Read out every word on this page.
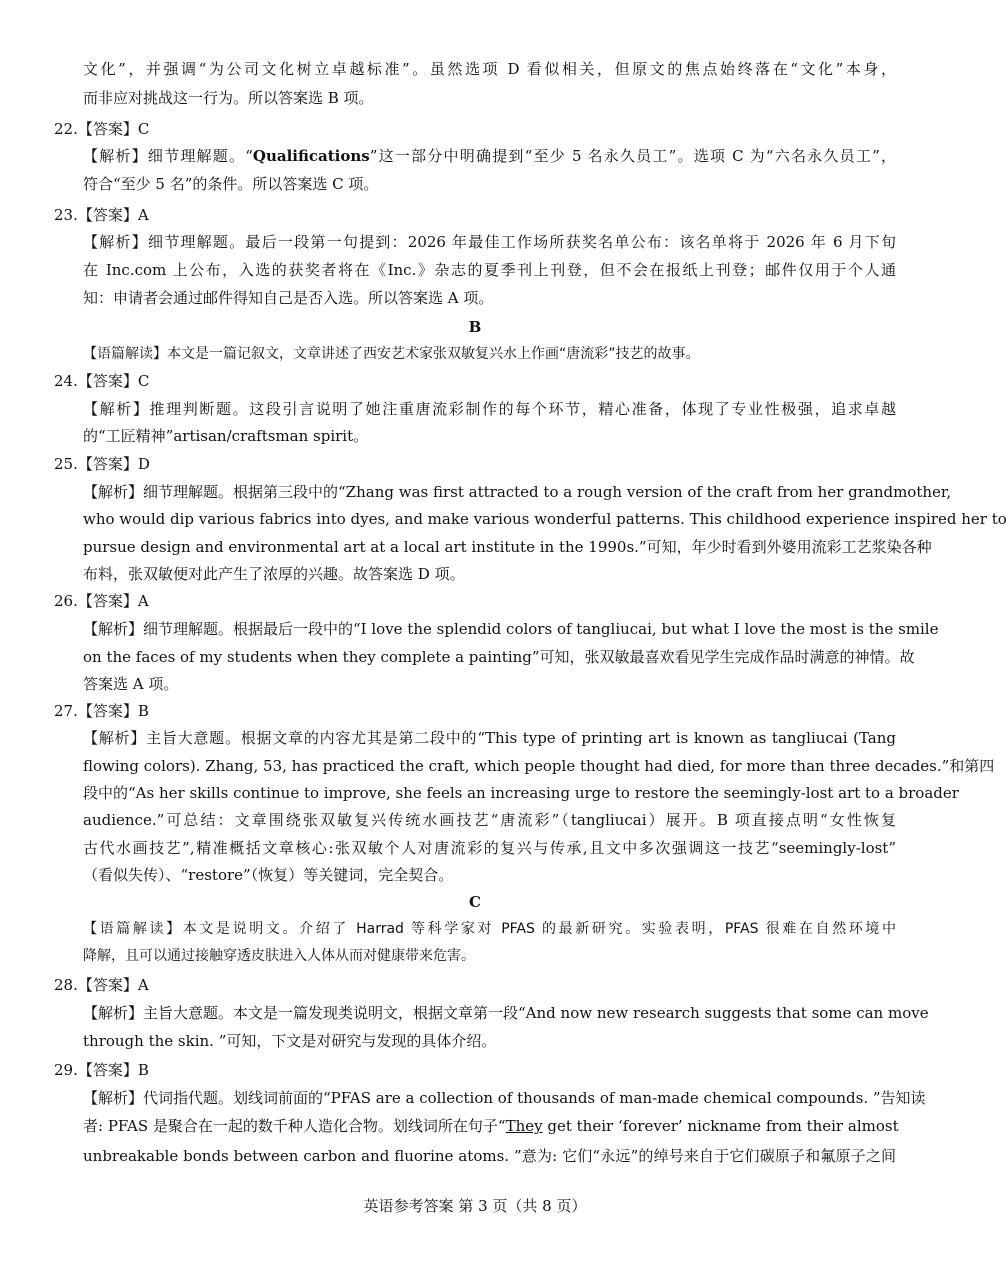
文化”，并强调“为公司文化树立卓越标准”。虽然选项 D 看似相关，但原文的焦点始终落在“文化”本身，
而非应对挑战这一行为。所以答案选 B 项。
22.【答案】C
【解析】细节理解题。“Qualifications”这一部分中明确提到“至少 5 名永久员工”。选项 C 为“六名永久员工”，
符合“至少 5 名”的条件。所以答案选 C 项。
23.【答案】A
【解析】细节理解题。最后一段第一句提到：2026 年最佳工作场所获奖名单公布：该名单将于 2026 年 6 月下旬
在 Inc.com 上公布，入选的获奖者将在《Inc.》杂志的夏季刊上刊登，但不会在报纸上刊登；邮件仅用于个人通
知：申请者会通过邮件得知自己是否入选。所以答案选 A 项。
B
【语篇解读】本文是一篇记叙文，文章讲述了西安艺术家张双敏复兴水上作画“唐流彩”技艺的故事。
24.【答案】C
【解析】推理判断题。这段引言说明了她注重唐流彩制作的每个环节，精心准备，体现了专业性极强，追求卓越
的“工匠精神”artisan/craftsman spirit。
25.【答案】D
【解析】细节理解题。根据第三段中的“Zhang was first attracted to a rough version of the craft from her grandmother,
who would dip various fabrics into dyes, and make various wonderful patterns. This childhood experience inspired her to
pursue design and environmental art at a local art institute in the 1990s.”可知，年少时看到外婆用流彩工艺浆染各种
布料，张双敏便对此产生了浓厚的兴趣。故答案选 D 项。
26.【答案】A
【解析】细节理解题。根据最后一段中的“I love the splendid colors of tangliucai, but what I love the most is the smile
on the faces of my students when they complete a painting”可知，张双敏最喜欢看见学生完成作品时满意的神情。故
答案选 A 项。
27.【答案】B
【解析】主旨大意题。根据文章的内容尤其是第二段中的“This type of printing art is known as tangliucai (Tang
flowing colors). Zhang, 53, has practiced the craft, which people thought had died, for more than three decades.”和第四
段中的“As her skills continue to improve, she feels an increasing urge to restore the seemingly-lost art to a broader
audience.”可总结：文章围绕张双敏复兴传统水画技艺“唐流彩”（tangliucai）展开。B 项直接点明“女性恢复
古代水画技艺”,精准概括文章核心:张双敏个人对唐流彩的复兴与传承,且文中多次强调这一技艺“seemingly-lost”
（看似失传）、“restore”（恢复）等关键词，完全契合。
C
【语篇解读】本文是说明文。介绍了 Harrad 等科学家对 PFAS 的最新研究。实验表明，PFAS 很难在自然环境中
降解，且可以通过接触穿透皮肤进入人体从而对健康带来危害。
28.【答案】A
【解析】主旨大意题。本文是一篇发现类说明文，根据文章第一段“And now new research suggests that some can move
through the skin. ”可知，下文是对研究与发现的具体介绍。
29.【答案】B
【解析】代词指代题。划线词前面的“PFAS are a collection of thousands of man-made chemical compounds. ”告知读
者: PFAS 是聚合在一起的数千种人造化合物。划线词所在句子“They get their ‘forever’ nickname from their almost
unbreakable bonds between carbon and fluorine atoms. ”意为: 它们“永远”的绰号来自于它们碳原子和氟原子之间
英语参考答案 第 3 页（共 8 页）
